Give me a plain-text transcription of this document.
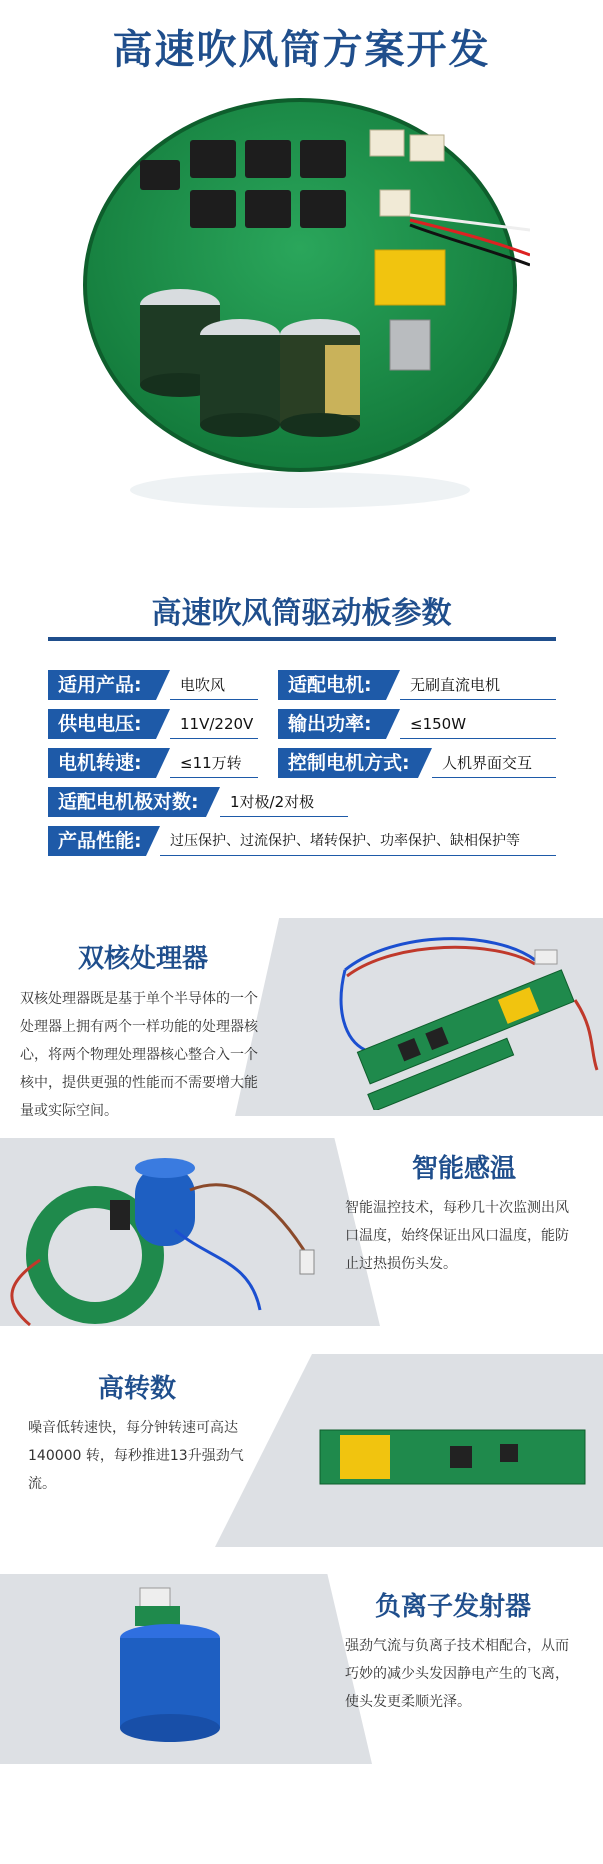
高速吹风筒方案开发
高速吹风筒驱动板参数
适用产品:	电吹风	适配电机:	无刷直流电机
供电电压:	11V/220V	输出功率:	≤150W
电机转速:	≤11万转	控制电机方式:	人机界面交互
适配电机极对数:	1对极/2对极
产品性能:	过压保护、过流保护、堵转保护、功率保护、缺相保护等
双核处理器
双核处理器既是基于单个半导体的一个
处理器上拥有两个一样功能的处理器核
心，将两个物理处理器核心整合入一个
核中，提供更强的性能而不需要增大能
量或实际空间。
智能感温
智能温控技术，每秒几十次监测出风
口温度，始终保证出风口温度，能防
止过热损伤头发。
高转数
噪音低转速快，每分钟转速可高达
140000 转，每秒推进13升强劲气
流。
负离子发射器
强劲气流与负离子技术相配合，从而
巧妙的减少头发因静电产生的飞离，
使头发更柔顺光泽。
